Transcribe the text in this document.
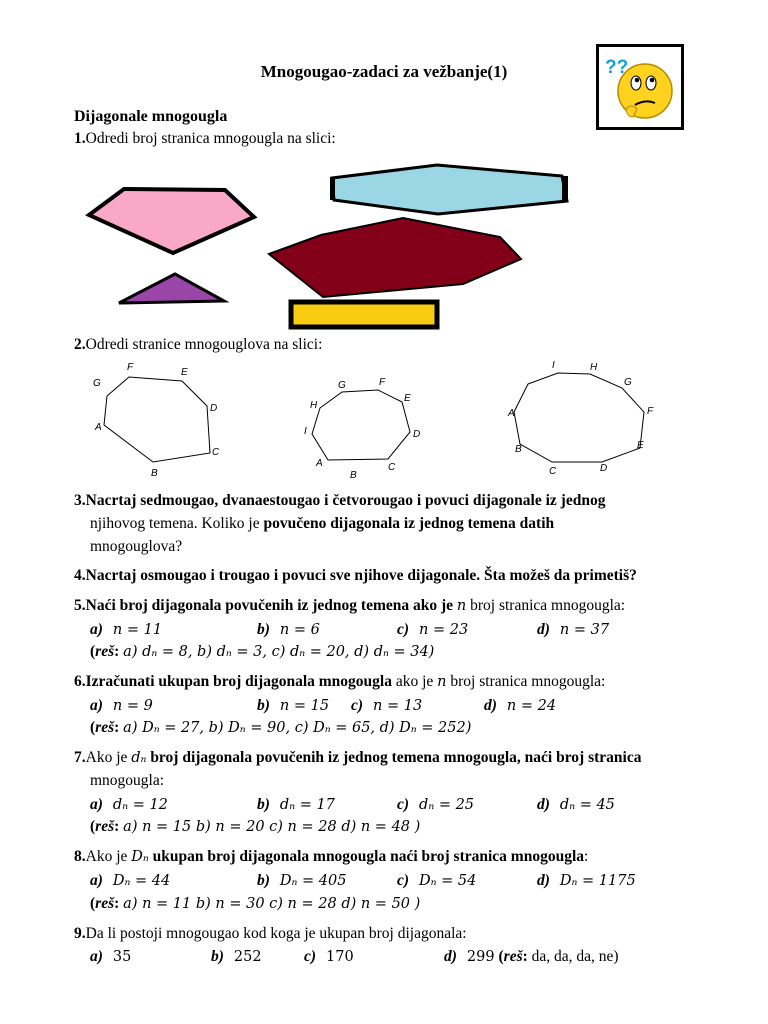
Mnogougao-zadaci za vežbanje(1)	??
Dijagonale mnogougla
1.Odredi broj stranica mnogougla na slici:
2.Odredi stranice mnogouglova na slici:
A
B
C
D
E
F
G
A
B
C
D
E
F
G
H
I
A
B
C	D
E
F
G
H
I
3.Nacrtaj sedmougao, dvanaestougao i četvorougao i povuci dijagonale iz jednog
njihovog temena. Koliko je povučeno dijagonala iz jednog temena datih
mnogouglova?
4.Nacrtaj osmougao i trougao i povuci sve njihove dijagonale. Šta možeš da primetiš?
5.Naći broj dijagonala povučenih iz jednog temena ako je n broj stranica mnogougla:
a) n = 11	b) n = 6	c) n = 23	d) n = 37
(reš: a) dₙ = 8, b) dₙ = 3, c) dₙ = 20, d) dₙ = 34)
6.Izračunati ukupan broj dijagonala mnogougla ako je n broj stranica mnogougla:
a) n = 9	b) n = 15 c) n = 13	d) n = 24
(reš: a) Dₙ = 27, b) Dₙ = 90, c) Dₙ = 65, d) Dₙ = 252)
7.Ako je dₙ broj dijagonala povučenih iz jednog temena mnogougla, naći broj stranica
mnogougla:
a) dₙ = 12	b) dₙ = 17	c) dₙ = 25	d) dₙ = 45
(reš: a) n = 15 b) n = 20 c) n = 28 d) n = 48 )
8.Ako je Dₙ ukupan broj dijagonala mnogougla naći broj stranica mnogougla:
a) Dₙ = 44	b) Dₙ = 405	c) Dₙ = 54	d) Dₙ = 1175
(reš: a) n = 11 b) n = 30 c) n = 28 d) n = 50 )
9.Da li postoji mnogougao kod koga je ukupan broj dijagonala:
a) 35	b) 252	c) 170	d) 299 (reš: da, da, da, ne)
